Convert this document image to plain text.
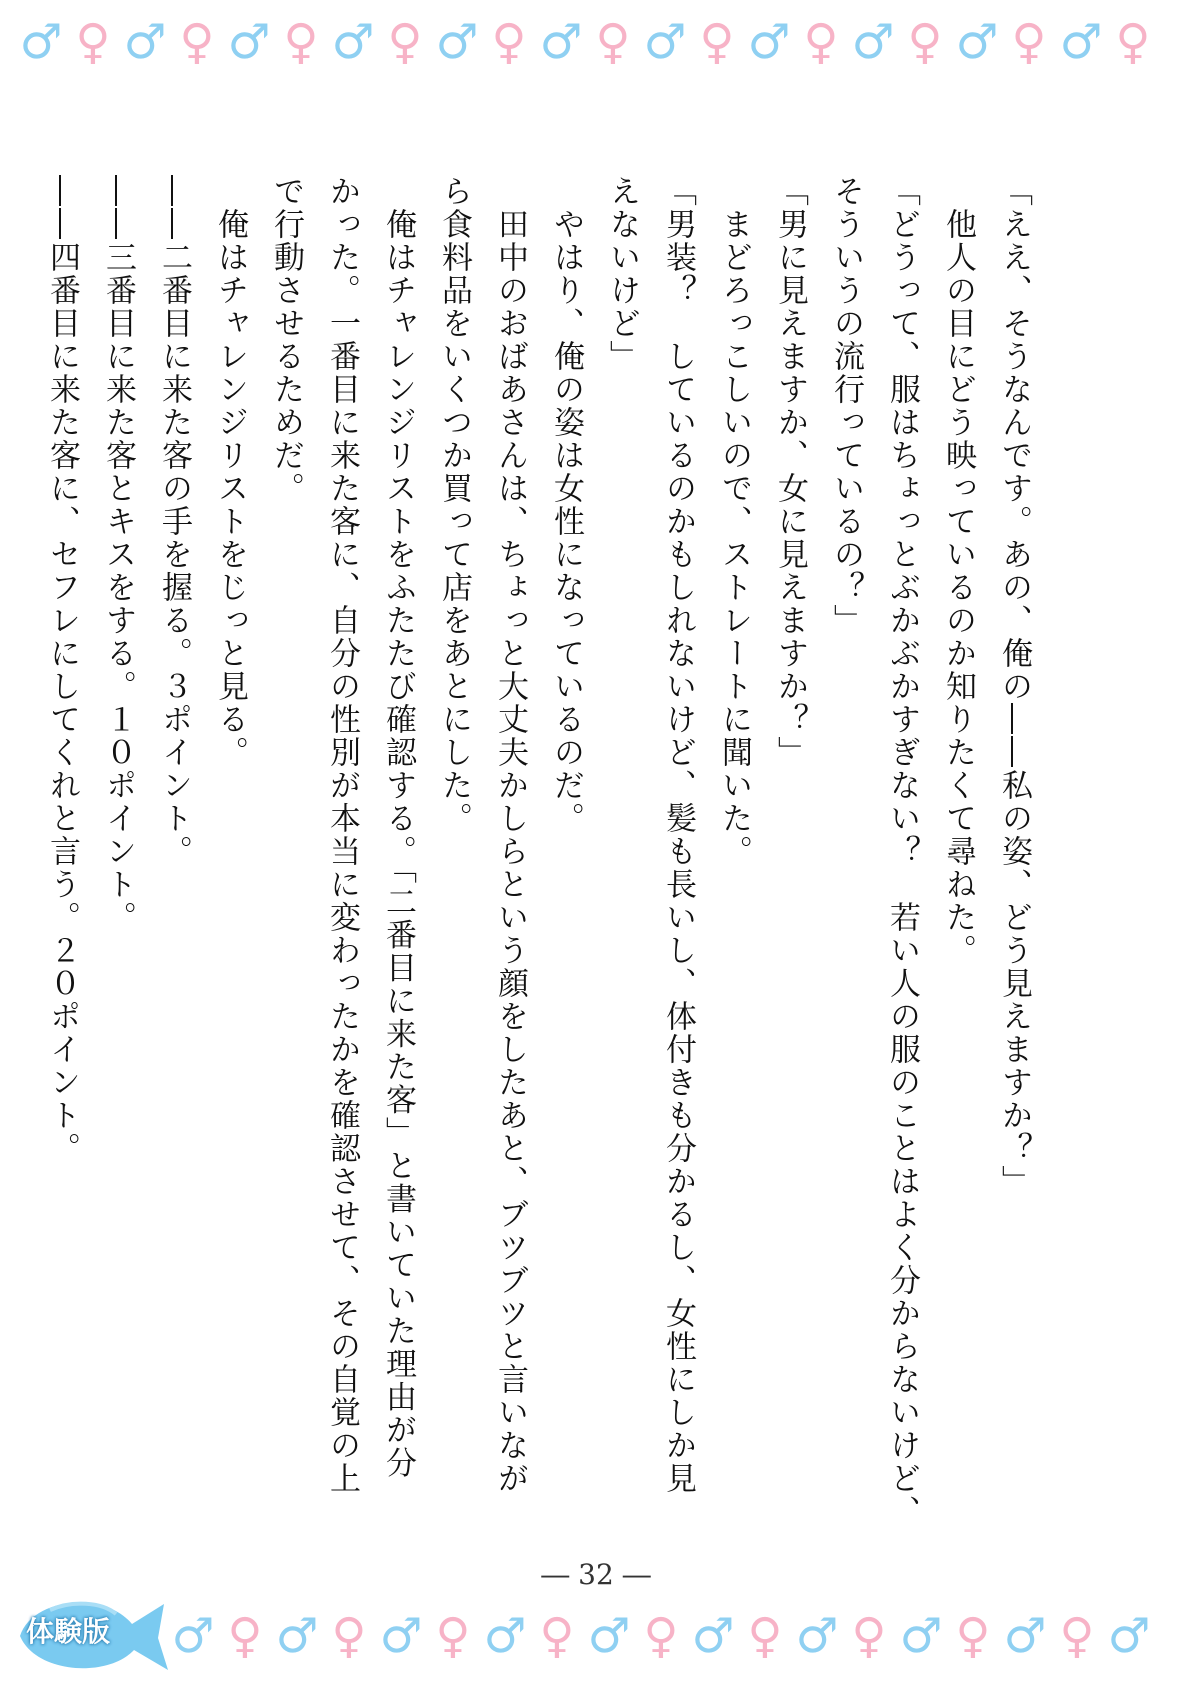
♂ ♀ ♂ ♀ ♂ ♀ ♂ ♀ ♂ ♀ ♂ ♀ ♂ ♀ ♂ ♀ ♂ ♀ ♂ ♀ ♂ ♀
「ええ、そうなんです。あの、俺の――私の姿、どう見えますか？」
　他人の目にどう映っているのか知りたくて尋ねた。
「どうって、服はちょっとぶかぶかすぎない？　若い人の服のことはよく分からないけど、
そういうの流行っているの？」
「男に見えますか、女に見えますか？」
　まどろっこしいので、ストレートに聞いた。
「男装？　しているのかもしれないけど、髪も長いし、体付きも分かるし、女性にしか見
えないけど」
　やはり、俺の姿は女性になっているのだ。
　田中のおばあさんは、ちょっと大丈夫かしらという顔をしたあと、ブツブツと言いなが
ら食料品をいくつか買って店をあとにした。
　俺はチャレンジリストをふたたび確認する。「二番目に来た客」と書いていた理由が分
かった。一番目に来た客に、自分の性別が本当に変わったかを確認させて、その自覚の上
で行動させるためだ。
　俺はチャレンジリストをじっと見る。
――二番目に来た客の手を握る。３ポイント。
――三番目に来た客とキスをする。１０ポイント。
――四番目に来た客に、セフレにしてくれと言う。２０ポイント。
― 32 ―
♂ ♀ ♂ ♀ ♂ ♀ ♂ ♀ ♂ ♀ ♂ ♀ ♂ ♀ ♂ ♀ ♂ ♀ ♂
体験版
